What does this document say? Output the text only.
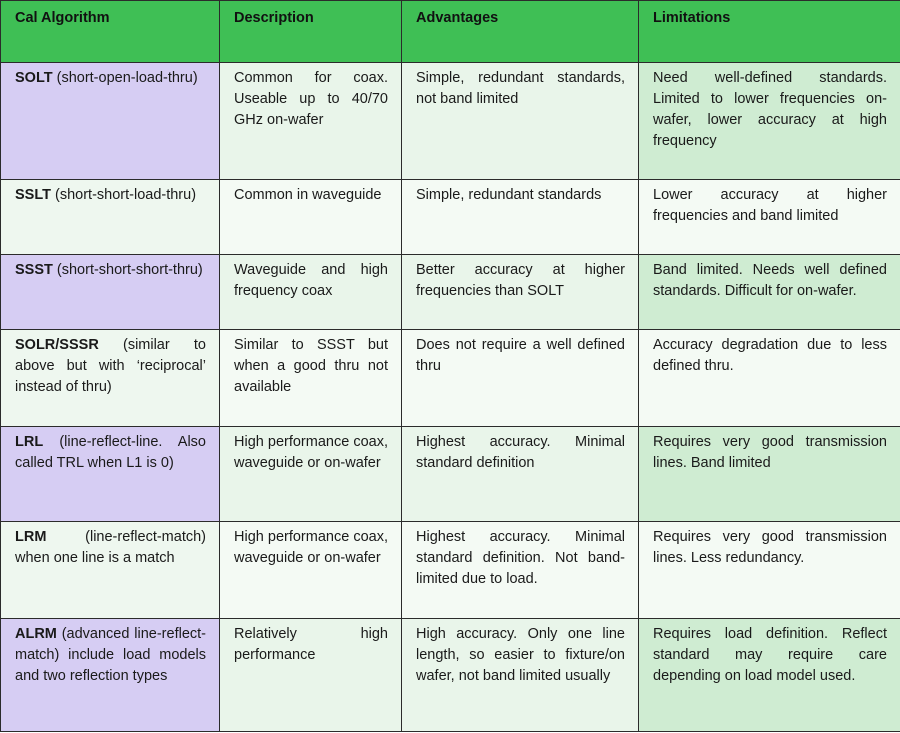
Cal Algorithm	Description	Advantages	Limitations
SOLT (short-open-load-thru)	Common for coax. Useable up to 40/70 GHz on-wafer	Simple, redundant standards, not band limited	Need well-defined standards. Limited to lower frequencies on-wafer, lower accuracy at high frequency
SSLT (short-short-load-thru)	Common in waveguide	Simple, redundant standards	Lower accuracy at higher frequencies and band limited
SSST (short-short-short-thru)	Waveguide and high frequency coax	Better accuracy at higher frequencies than SOLT	Band limited. Needs well defined standards. Difficult for on-wafer.
SOLR/SSSR (similar to above but with ‘reciprocal’ instead of thru)	Similar to SSST but when a good thru not available	Does not require a well defined thru	Accuracy degradation due to less defined thru.
LRL (line-reflect-line. Also called TRL when L1 is 0)	High performance coax, waveguide or on-wafer	Highest accuracy. Minimal standard definition	Requires very good transmission lines. Band limited
LRM (line-reflect-match) when one line is a match	High performance coax, waveguide or on-wafer	Highest accuracy. Minimal standard definition. Not band-limited due to load.	Requires very good transmission lines. Less redundancy.
ALRM (advanced line-reflect-match) include load models and two reflection types	Relatively high performance	High accuracy. Only one line length, so easier to fixture/on wafer, not band limited usually	Requires load definition. Reflect standard may require care depending on load model used.
